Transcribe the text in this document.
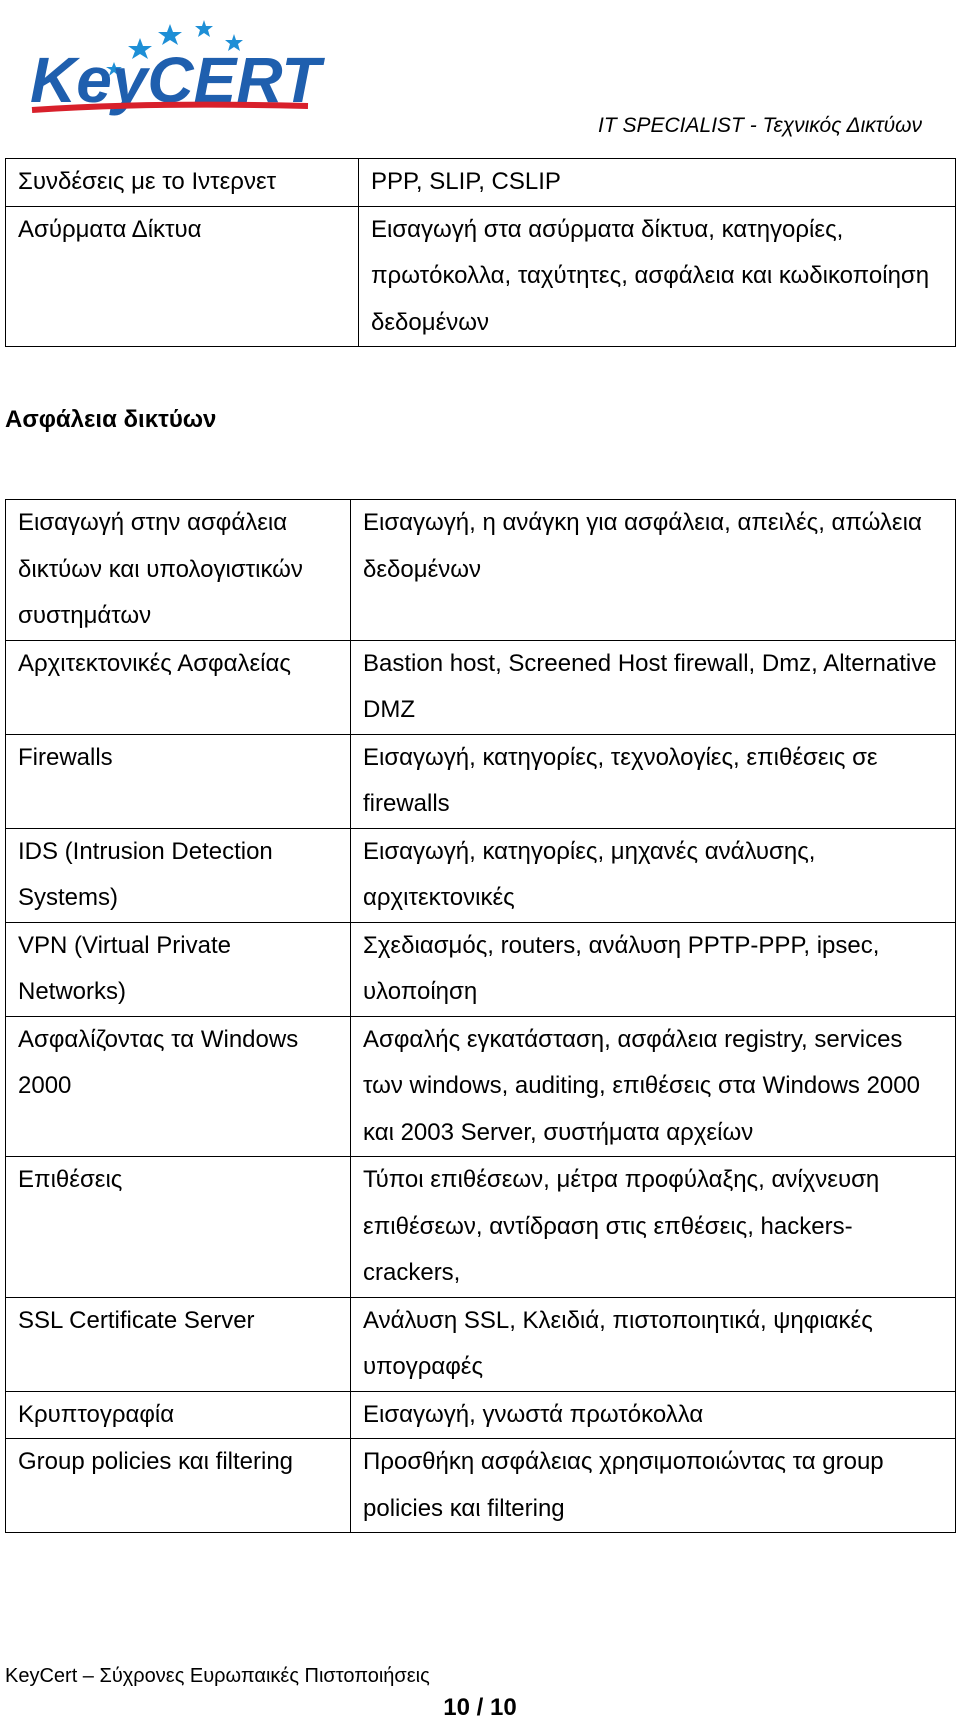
KeyCERT
IT SPECIALIST - Τεχνικός Δικτύων
Συνδέσεις με το Ιντερνετ	PPP, SLIP, CSLIP
Ασύρματα Δίκτυα	Εισαγωγή στα ασύρματα δίκτυα, κατηγορίες, πρωτόκολλα, ταχύτητες, ασφάλεια και κωδικοποίηση δεδομένων
Ασφάλεια δικτύων
Εισαγωγή στην ασφάλεια δικτύων και υπολογιστικών συστημάτων	Εισαγωγή, η ανάγκη για ασφάλεια, απειλές, απώλεια δεδομένων
Αρχιτεκτονικές Ασφαλείας	Bastion host, Screened Host firewall, Dmz, Alternative DMZ
Firewalls	Εισαγωγή, κατηγορίες, τεχνολογίες, επιθέσεις σε firewalls
IDS (Intrusion Detection Systems)	Εισαγωγή, κατηγορίες, μηχανές ανάλυσης, αρχιτεκτονικές
VPN (Virtual Private Networks)	Σχεδιασμός, routers, ανάλυση PPTP-PPP, ipsec, υλοποίηση
Ασφαλίζοντας τα Windows 2000	Ασφαλής εγκατάσταση, ασφάλεια registry, services των windows, auditing, επιθέσεις στα Windows 2000 και 2003 Server, συστήματα αρχείων
Επιθέσεις	Τύποι επιθέσεων, μέτρα προφύλαξης, ανίχνευση επιθέσεων, αντίδραση στις επθέσεις, hackers-crackers,
SSL Certificate Server	Ανάλυση SSL, Κλειδιά, πιστοποιητικά, ψηφιακές υπογραφές
Κρυπτογραφία	Εισαγωγή, γνωστά πρωτόκολλα
Group policies και filtering	Προσθήκη ασφάλειας χρησιμοποιώντας τα group policies και filtering
KeyCert – Σύχρονες Ευρωπαικές Πιστοποιήσεις
10 / 10
